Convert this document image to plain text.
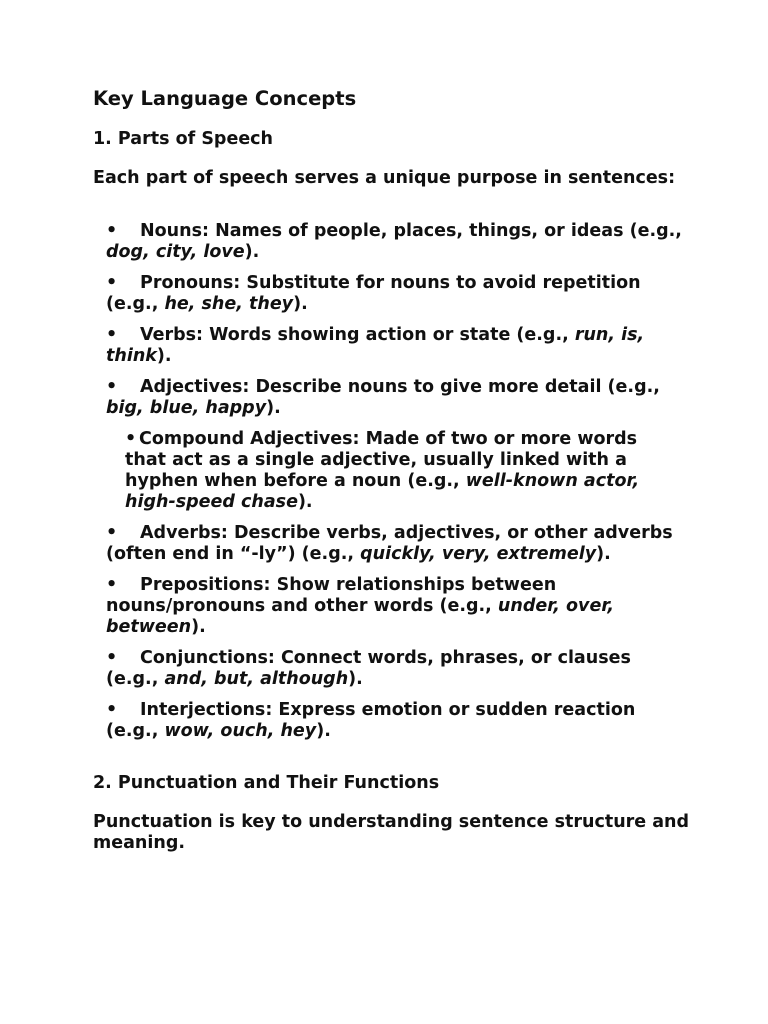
Key Language Concepts
1. Parts of Speech

Each part of speech serves a unique purpose in sentences:

• Nouns: Names of people, places, things, or ideas (e.g., dog, city, love).
• Pronouns: Substitute for nouns to avoid repetition (e.g., he, she, they).
• Verbs: Words showing action or state (e.g., run, is, think).
• Adjectives: Describe nouns to give more detail (e.g., big, blue, happy).
• Compound Adjectives: Made of two or more words that act as a single adjective, usually linked with a hyphen when before a noun (e.g., well-known actor, high-speed chase).
• Adverbs: Describe verbs, adjectives, or other adverbs (often end in “-ly”) (e.g., quickly, very, extremely).
• Prepositions: Show relationships between nouns/pronouns and other words (e.g., under, over, between).
• Conjunctions: Connect words, phrases, or clauses (e.g., and, but, although).
• Interjections: Express emotion or sudden reaction (e.g., wow, ouch, hey).
2. Punctuation and Their Functions

Punctuation is key to understanding sentence structure and meaning.
